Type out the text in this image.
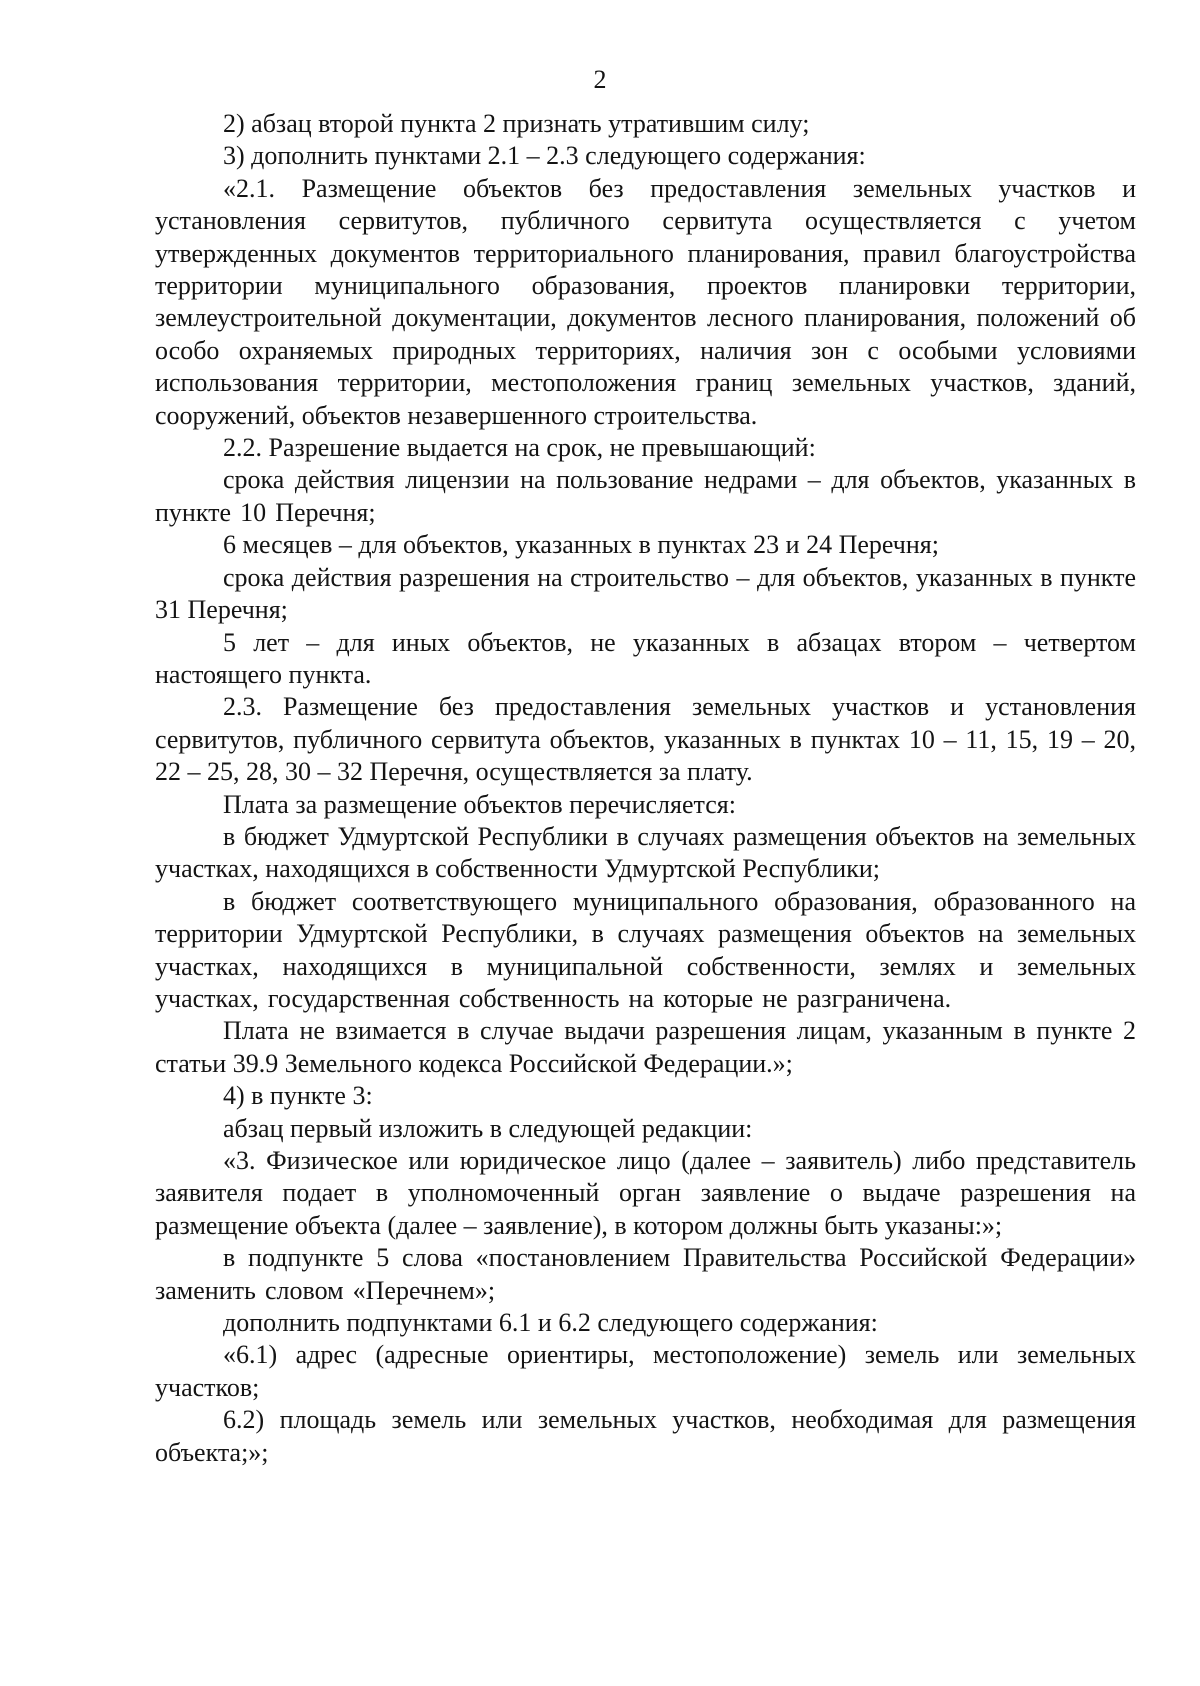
2

2) абзац второй пункта 2 признать утратившим силу;

3) дополнить пунктами 2.1 – 2.3 следующего содержания:

«2.1. Размещение объектов без предоставления земельных участков и установления сервитутов, публичного сервитута осуществляется с учетом утвержденных документов территориального планирования, правил благоустройства территории муниципального образования, проектов планировки территории, землеустроительной документации, документов лесного планирования, положений об особо охраняемых природных территориях, наличия зон с особыми условиями использования территории, местоположения границ земельных участков, зданий, сооружений, объектов незавершенного строительства.

2.2. Разрешение выдается на срок, не превышающий:

срока действия лицензии на пользование недрами – для объектов, указанных в пункте 10 Перечня;

6 месяцев – для объектов, указанных в пунктах 23 и 24 Перечня;

срока действия разрешения на строительство – для объектов, указанных в пункте 31 Перечня;

5 лет – для иных объектов, не указанных в абзацах втором – четвертом настоящего пункта.

2.3. Размещение без предоставления земельных участков и установления сервитутов, публичного сервитута объектов, указанных в пунктах 10 – 11, 15, 19 – 20, 22 – 25, 28, 30 – 32 Перечня, осуществляется за плату.

Плата за размещение объектов перечисляется:

в бюджет Удмуртской Республики в случаях размещения объектов на земельных участках, находящихся в собственности Удмуртской Республики;

в бюджет соответствующего муниципального образования, образованного на территории Удмуртской Республики, в случаях размещения объектов на земельных участках, находящихся в муниципальной собственности, землях и земельных участках, государственная собственность на которые не разграничена.

Плата не взимается в случае выдачи разрешения лицам, указанным в пункте 2 статьи 39.9 Земельного кодекса Российской Федерации.»;

4) в пункте 3:

абзац первый изложить в следующей редакции:

«3. Физическое или юридическое лицо (далее – заявитель) либо представитель заявителя подает в уполномоченный орган заявление о выдаче разрешения на размещение объекта (далее – заявление), в котором должны быть указаны:»;

в подпункте 5 слова «постановлением Правительства Российской Федерации» заменить словом «Перечнем»;

дополнить подпунктами 6.1 и 6.2 следующего содержания:

«6.1) адрес (адресные ориентиры, местоположение) земель или земельных участков;

6.2) площадь земель или земельных участков, необходимая для размещения объекта;»;
